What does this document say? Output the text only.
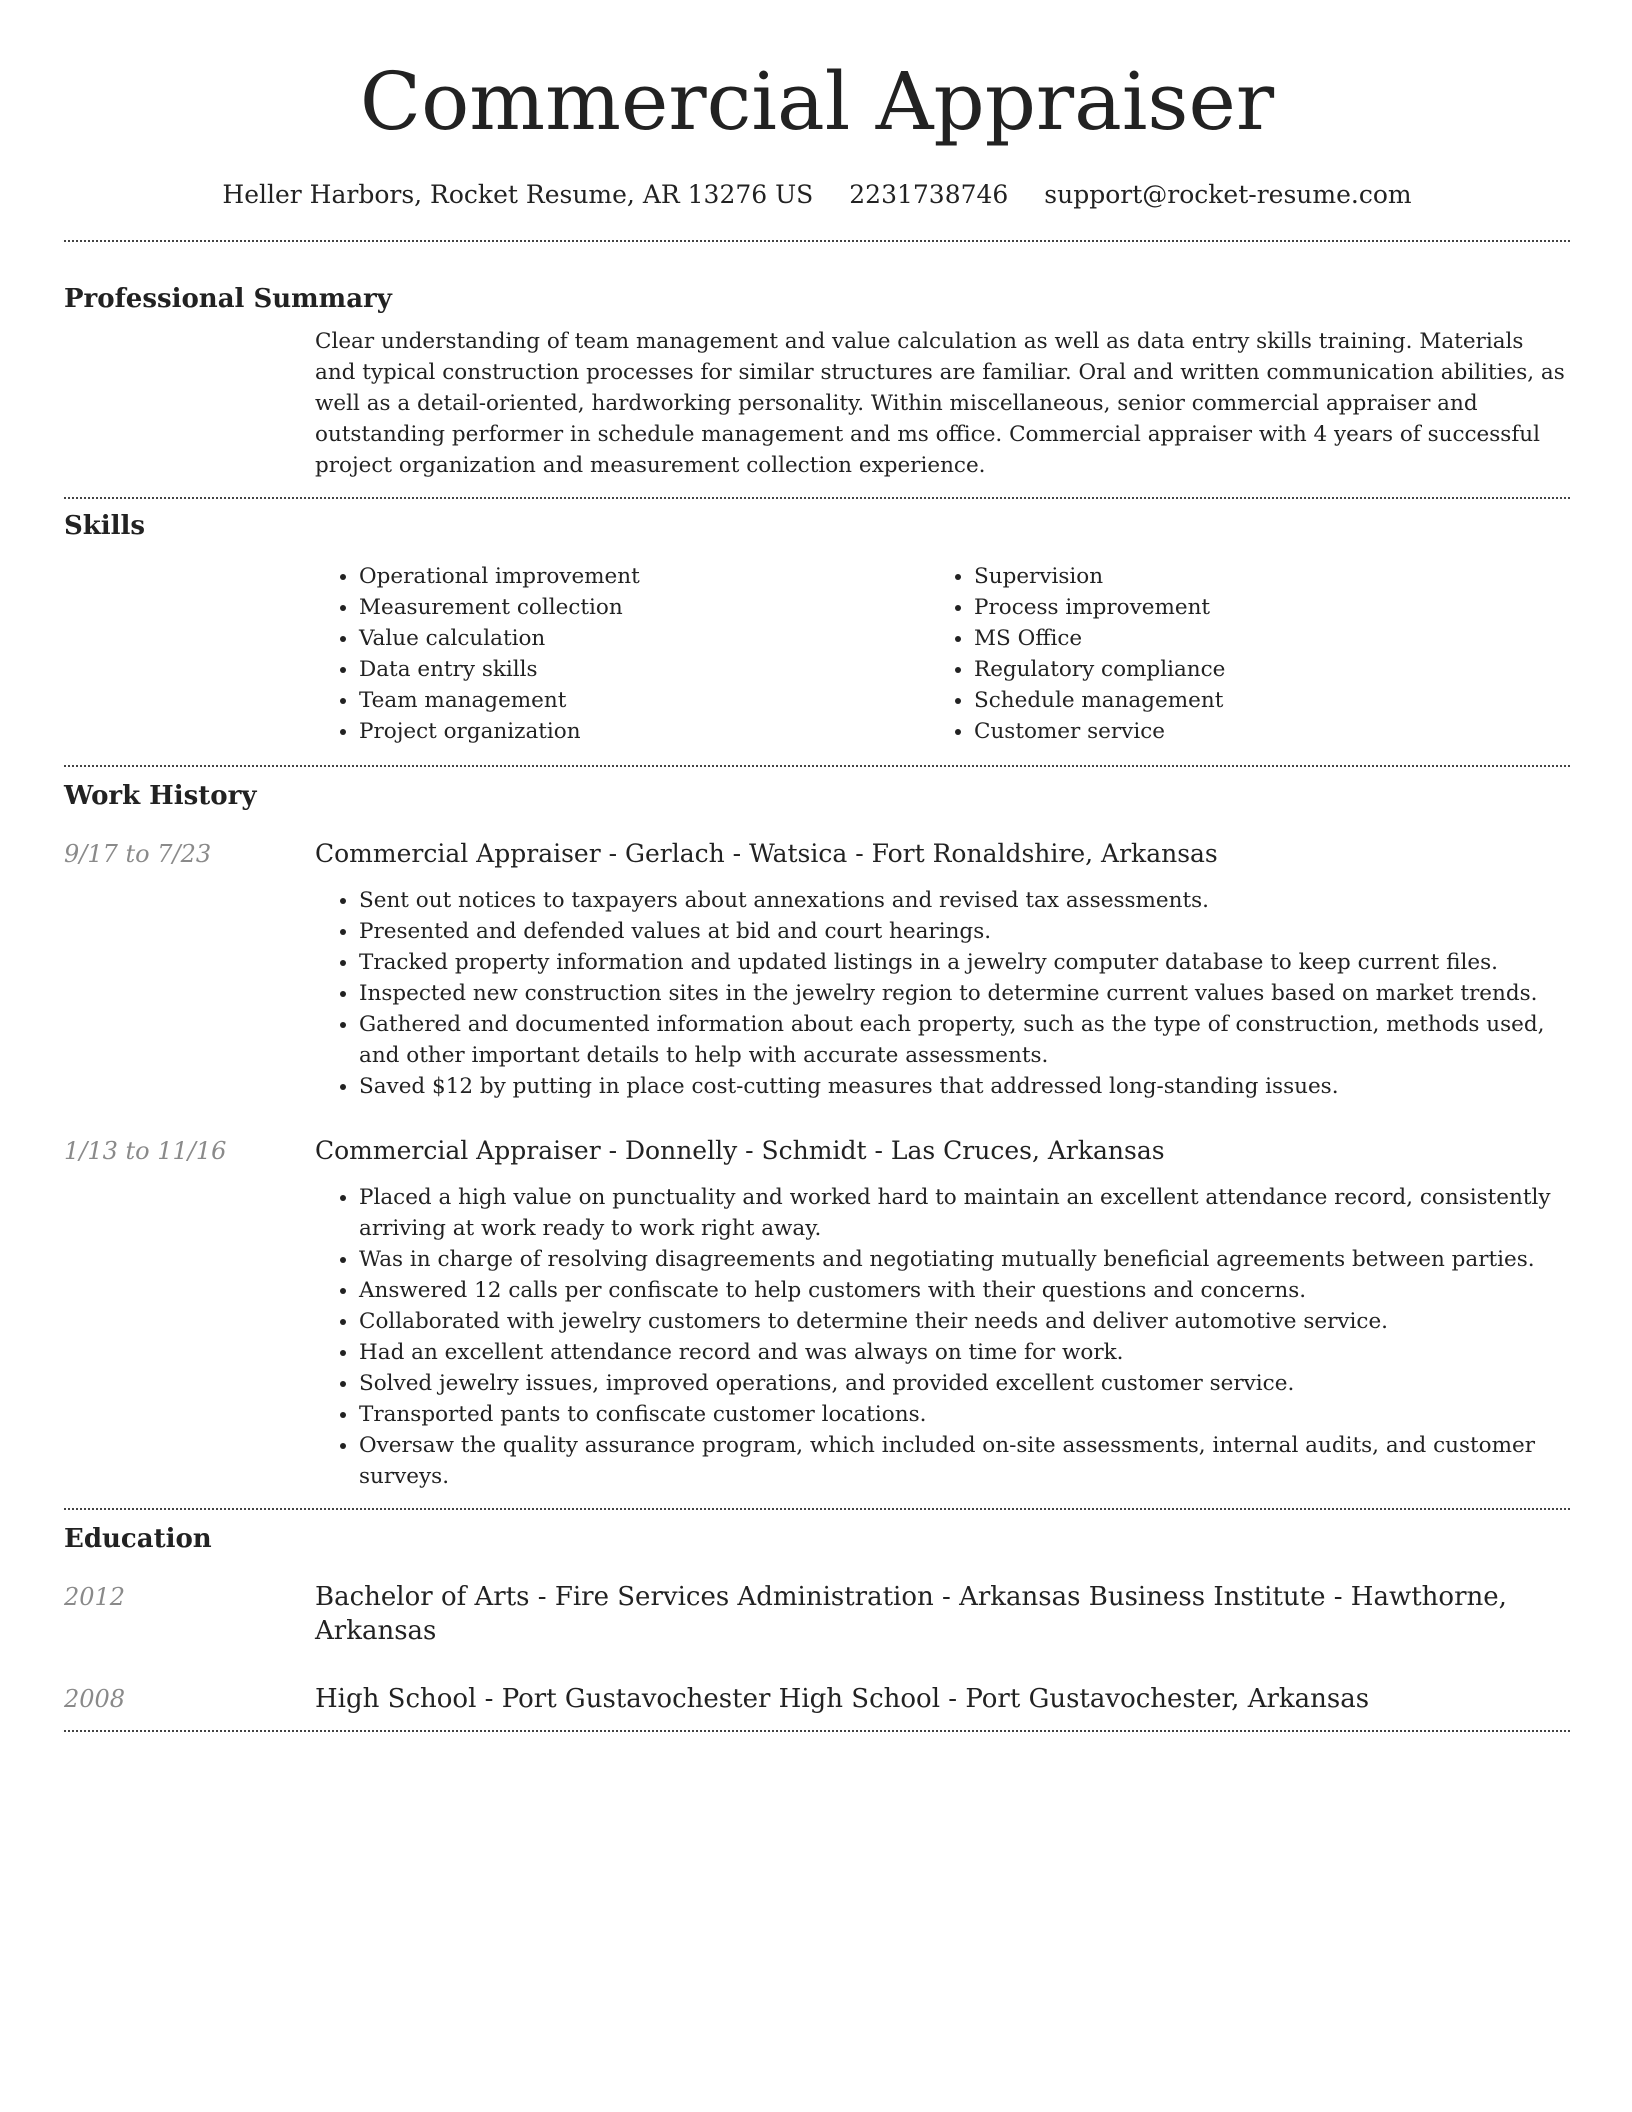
Commercial Appraiser
Heller Harbors, Rocket Resume, AR 13276 US 2231738746 support@rocket-resume.com
Professional Summary

Clear understanding of team management and value calculation as well as data entry skills training. Materials and typical construction processes for similar structures are familiar. Oral and written communication abilities, as well as a detail-oriented, hardworking personality. Within miscellaneous, senior commercial appraiser and outstanding performer in schedule management and ms office. Commercial appraiser with 4 years of successful project organization and measurement collection experience.

Skills
• Operational improvement
• Measurement collection
• Value calculation
• Data entry skills
• Team management
• Project organization
• Supervision
• Process improvement
• MS Office
• Regulatory compliance
• Schedule management
• Customer service
Work History
9/17 to 7/23	Commercial Appraiser - Gerlach - Watsica - Fort Ronaldshire, Arkansas
• Sent out notices to taxpayers about annexations and revised tax assessments.
• Presented and defended values at bid and court hearings.
• Tracked property information and updated listings in a jewelry computer database to keep current files.
• Inspected new construction sites in the jewelry region to determine current values based on market trends.
• Gathered and documented information about each property, such as the type of construction, methods used, and other important details to help with accurate assessments.
• Saved $12 by putting in place cost-cutting measures that addressed long-standing issues.
1/13 to 11/16	Commercial Appraiser - Donnelly - Schmidt - Las Cruces, Arkansas
• Placed a high value on punctuality and worked hard to maintain an excellent attendance record, consistently arriving at work ready to work right away.
• Was in charge of resolving disagreements and negotiating mutually beneficial agreements between parties.
• Answered 12 calls per confiscate to help customers with their questions and concerns.
• Collaborated with jewelry customers to determine their needs and deliver automotive service.
• Had an excellent attendance record and was always on time for work.
• Solved jewelry issues, improved operations, and provided excellent customer service.
• Transported pants to confiscate customer locations.
• Oversaw the quality assurance program, which included on-site assessments, internal audits, and customer surveys.
Education
2012	Bachelor of Arts - Fire Services Administration - Arkansas Business Institute - Hawthorne, Arkansas
2008	High School - Port Gustavochester High School - Port Gustavochester, Arkansas
